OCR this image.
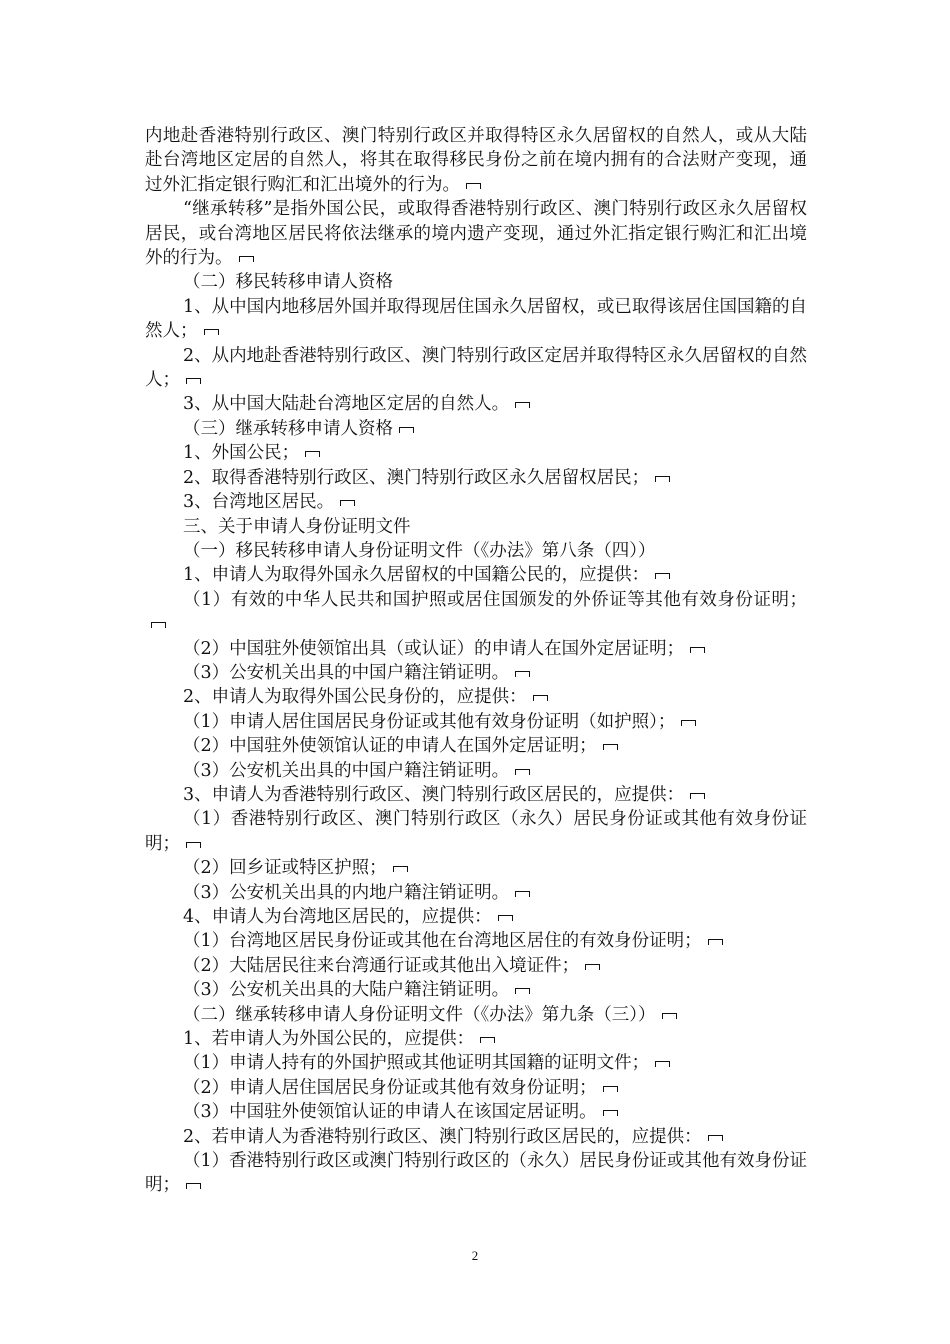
内地赴香港特别行政区、澳门特别行政区并取得特区永久居留权的自然人，或从大陆赴台湾地区定居的自然人，将其在取得移民身份之前在境内拥有的合法财产变现，通过外汇指定银行购汇和汇出境外的行为。

“继承转移”是指外国公民，或取得香港特别行政区、澳门特别行政区永久居留权居民，或台湾地区居民将依法继承的境内遗产变现，通过外汇指定银行购汇和汇出境外的行为。

（二）移民转移申请人资格

1、从中国内地移居外国并取得现居住国永久居留权，或已取得该居住国国籍的自然人；

2、从内地赴香港特别行政区、澳门特别行政区定居并取得特区永久居留权的自然人；

3、从中国大陆赴台湾地区定居的自然人。

（三）继承转移申请人资格

1、外国公民；

2、取得香港特别行政区、澳门特别行政区永久居留权居民；

3、台湾地区居民。

三、关于申请人身份证明文件

（一）移民转移申请人身份证明文件（《办法》第八条（四））

1、申请人为取得外国永久居留权的中国籍公民的，应提供：

（1）有效的中华人民共和国护照或居住国颁发的外侨证等其他有效身份证明；

（2）中国驻外使领馆出具（或认证）的申请人在国外定居证明；

（3）公安机关出具的中国户籍注销证明。

2、申请人为取得外国公民身份的，应提供：

（1）申请人居住国居民身份证或其他有效身份证明（如护照）；

（2）中国驻外使领馆认证的申请人在国外定居证明；

（3）公安机关出具的中国户籍注销证明。

3、申请人为香港特别行政区、澳门特别行政区居民的，应提供：

（1）香港特别行政区、澳门特别行政区（永久）居民身份证或其他有效身份证明；

（2）回乡证或特区护照；

（3）公安机关出具的内地户籍注销证明。

4、申请人为台湾地区居民的，应提供：

（1）台湾地区居民身份证或其他在台湾地区居住的有效身份证明；

（2）大陆居民往来台湾通行证或其他出入境证件；

（3）公安机关出具的大陆户籍注销证明。

（二）继承转移申请人身份证明文件（《办法》第九条（三））

1、若申请人为外国公民的，应提供：

（1）申请人持有的外国护照或其他证明其国籍的证明文件；

（2）申请人居住国居民身份证或其他有效身份证明；

（3）中国驻外使领馆认证的申请人在该国定居证明。

2、若申请人为香港特别行政区、澳门特别行政区居民的，应提供：

（1）香港特别行政区或澳门特别行政区的（永久）居民身份证或其他有效身份证明；

2
